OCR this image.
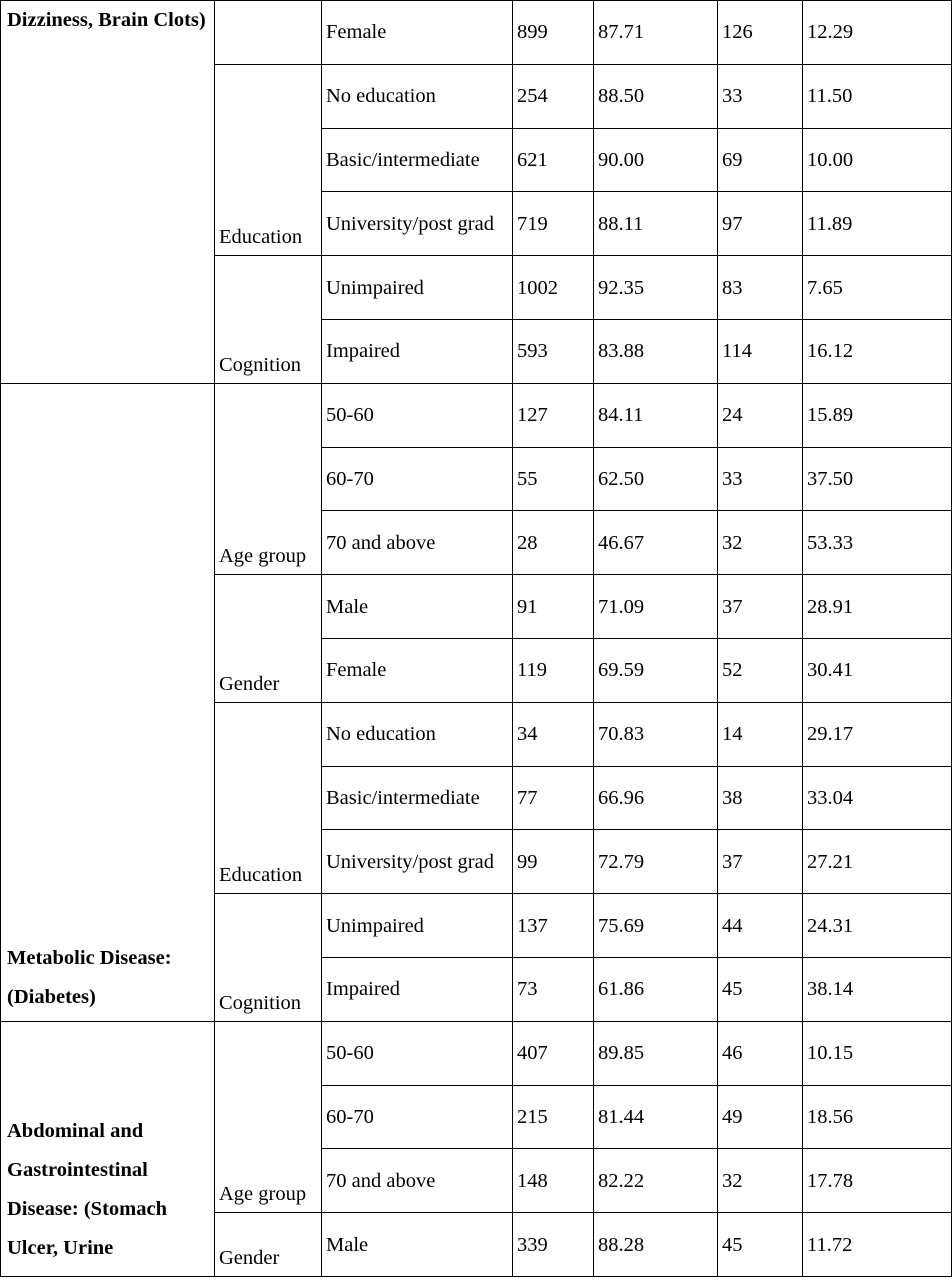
Dizziness, Brain Clots)		Female	899	87.71	126	12.29
	Education	No education	254	88.50	33	11.50
		Basic/intermediate	621	90.00	69	10.00
		University/post grad	719	88.11	97	11.89
	Cognition	Unimpaired	1002	92.35	83	7.65
		Impaired	593	83.88	114	16.12
Metabolic Disease: (Diabetes)	Age group	50-60	127	84.11	24	15.89
		60-70	55	62.50	33	37.50
		70 and above	28	46.67	32	53.33
	Gender	Male	91	71.09	37	28.91
		Female	119	69.59	52	30.41
	Education	No education	34	70.83	14	29.17
		Basic/intermediate	77	66.96	38	33.04
		University/post grad	99	72.79	37	27.21
	Cognition	Unimpaired	137	75.69	44	24.31
		Impaired	73	61.86	45	38.14
Abdominal and Gastrointestinal Disease: (Stomach Ulcer, Urine	Age group	50-60	407	89.85	46	10.15
		60-70	215	81.44	49	18.56
		70 and above	148	82.22	32	17.78
	Gender	Male	339	88.28	45	11.72
